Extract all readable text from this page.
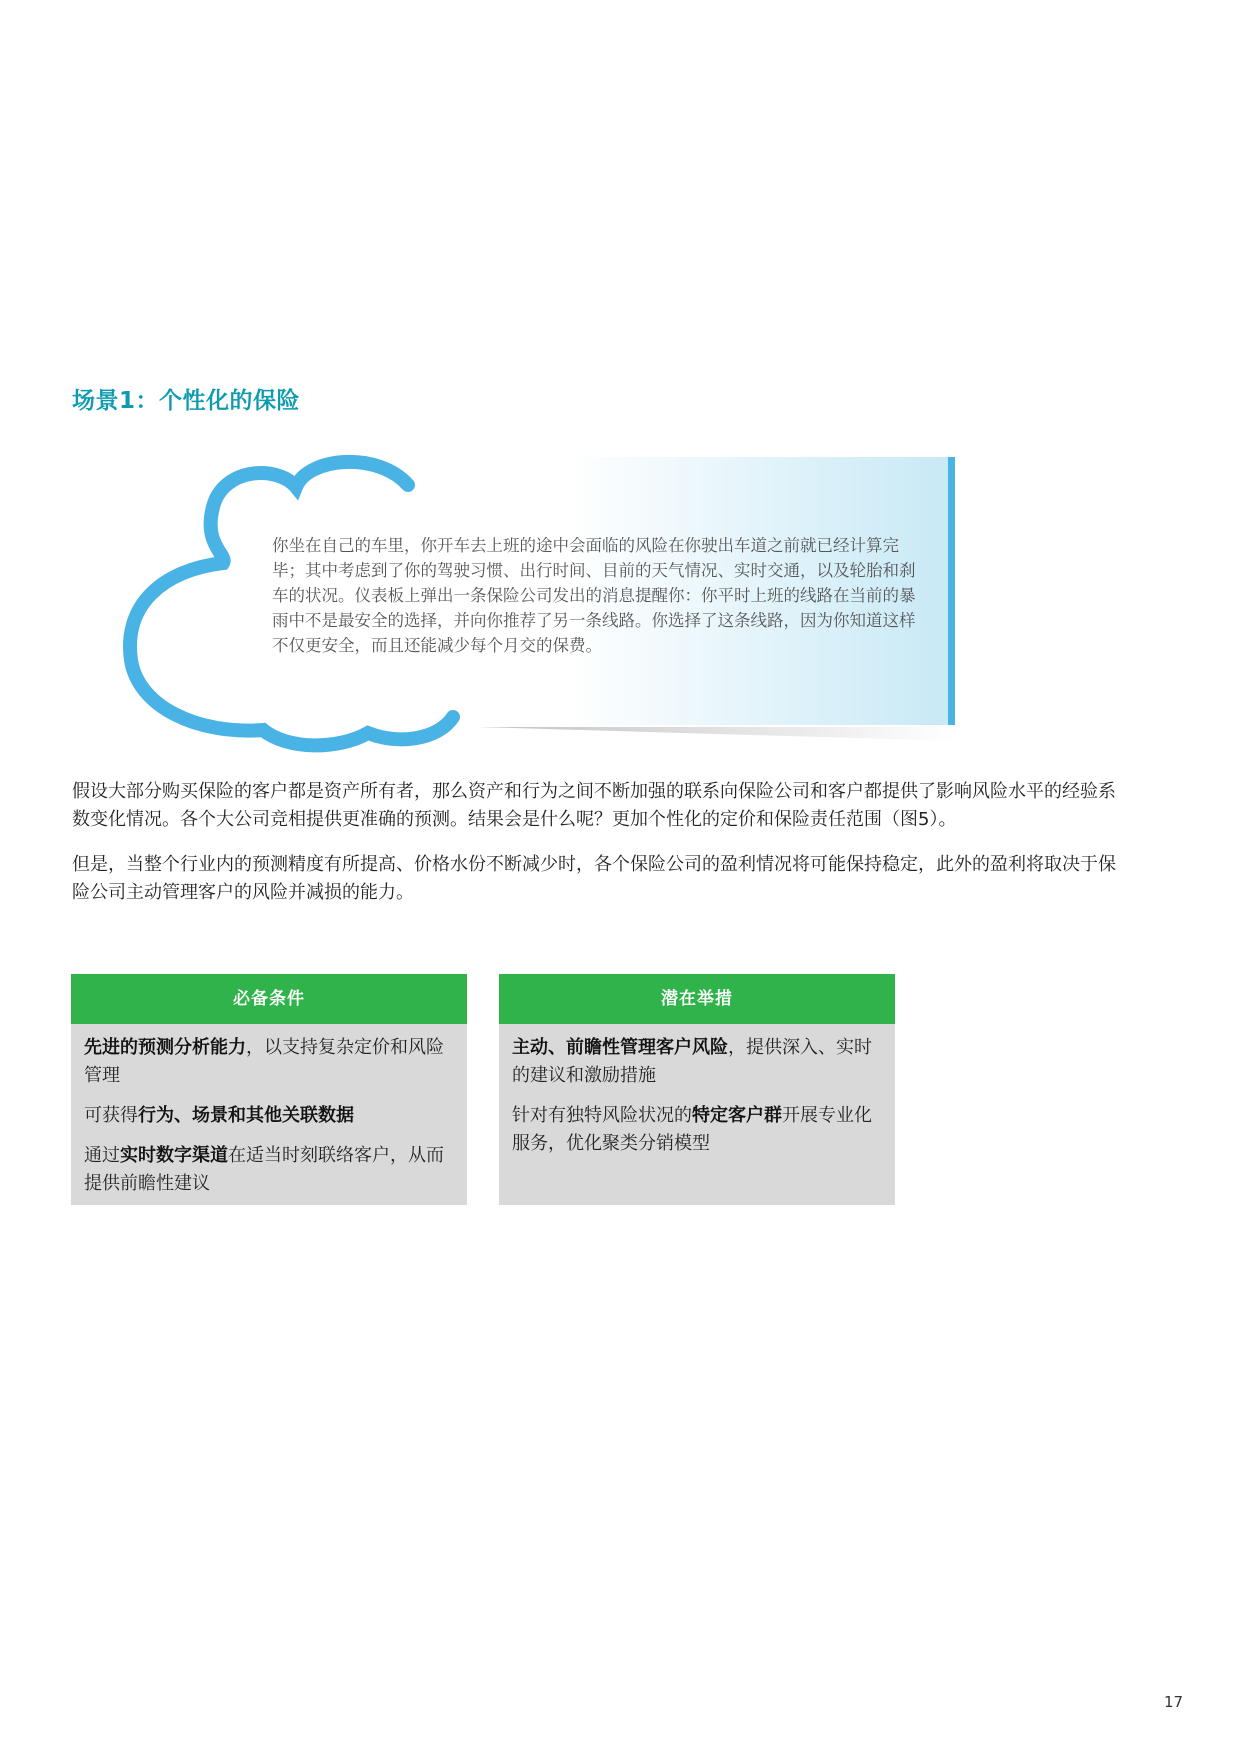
场景1：个性化的保险

你坐在自己的车里，你开车去上班的途中会面临的风险在你驶出车道之前就已经计算完毕；其中考虑到了你的驾驶习惯、出行时间、目前的天气情况、实时交通，以及轮胎和刹车的状况。仪表板上弹出一条保险公司发出的消息提醒你：你平时上班的线路在当前的暴雨中不是最安全的选择，并向你推荐了另一条线路。你选择了这条线路，因为你知道这样不仅更安全，而且还能减少每个月交的保费。

假设大部分购买保险的客户都是资产所有者，那么资产和行为之间不断加强的联系向保险公司和客户都提供了影响风险水平的经验系数变化情况。各个大公司竞相提供更准确的预测。结果会是什么呢？更加个性化的定价和保险责任范围（图5）。

但是，当整个行业内的预测精度有所提高、价格水份不断减少时，各个保险公司的盈利情况将可能保持稳定，此外的盈利将取决于保险公司主动管理客户的风险并减损的能力。

必备条件
先进的预测分析能力，以支持复杂定价和风险管理
可获得行为、场景和其他关联数据
通过实时数字渠道在适当时刻联络客户，从而提供前瞻性建议
潜在举措
主动、前瞻性管理客户风险，提供深入、实时的建议和激励措施
针对有独特风险状况的特定客户群开展专业化服务，优化聚类分销模型
17
